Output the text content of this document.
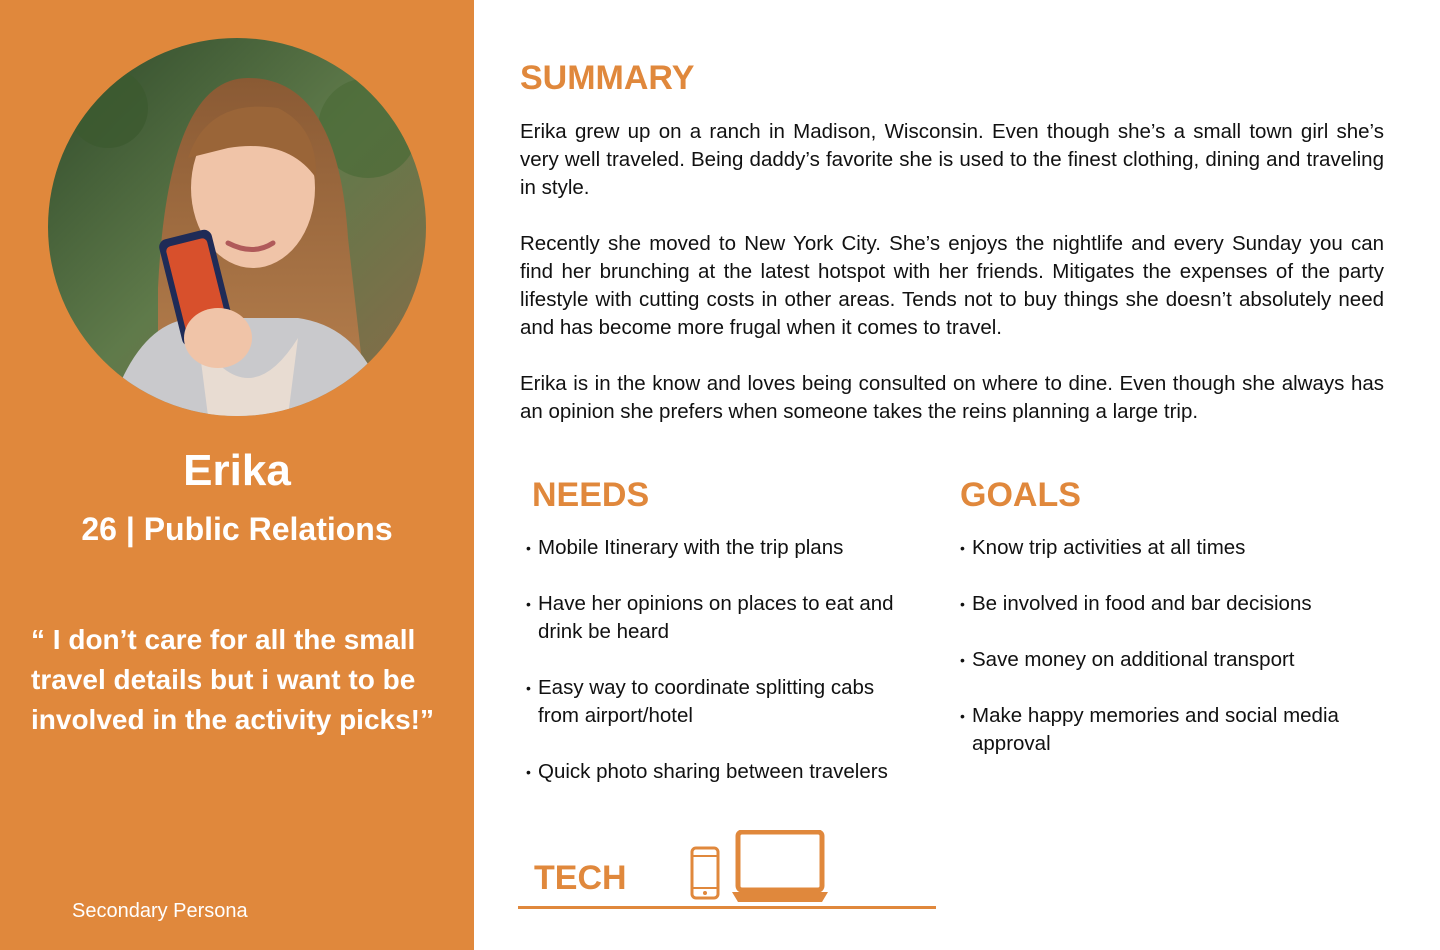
Erika
26 | Public Relations
“ I don’t care for all the small travel details but i want to be involved in the activity picks!”
Secondary Persona
SUMMARY

Erika grew up on a ranch in Madison, Wisconsin. Even though she’s a small town girl she’s very well traveled. Being daddy’s favorite she is used to the finest clothing, dining and traveling in style.

Recently she moved to New York City. She’s enjoys the nightlife and every Sunday you can find her brunching at the latest hotspot with her friends. Mitigates the expenses of the party lifestyle with cutting costs in other areas. Tends not to buy things she doesn’t absolutely need and has become more frugal when it comes to travel.

Erika is in the know and loves being consulted on where to dine. Even though she always has an opinion she prefers when someone takes the reins planning a large trip.

NEEDS
• Mobile Itinerary with the trip plans
• Have her opinions on places to eat and drink be heard
• Easy way to coordinate splitting cabs from airport/hotel
• Quick photo sharing between travelers
GOALS
• Know trip activities at all times
• Be involved in food and bar decisions
• Save money on additional transport
• Make happy memories and social media approval
TECH
